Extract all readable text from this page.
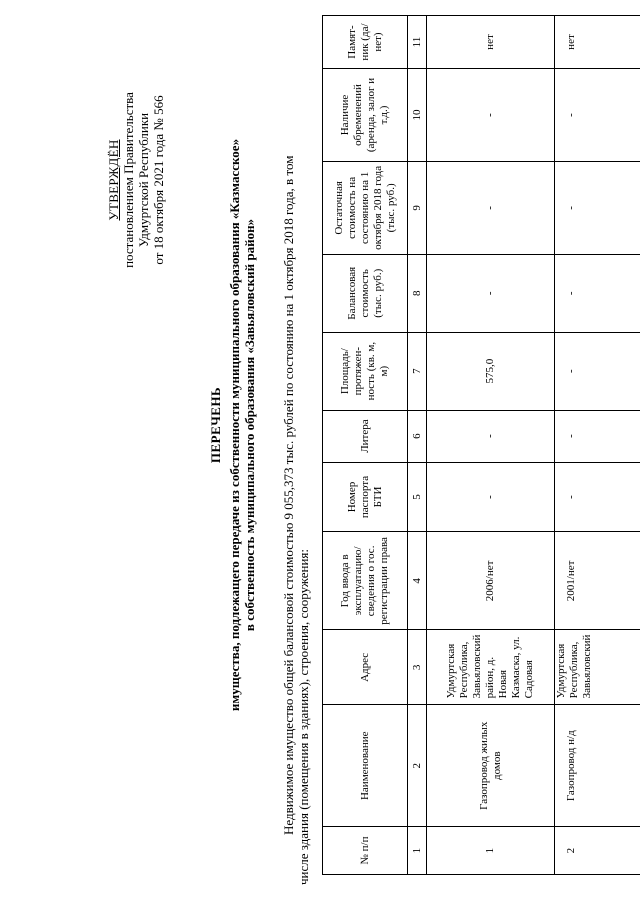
УТВЕРЖДЁН постановлением Правительства Удмуртской Республики от 18 октября 2021 года № 566
ПЕРЕЧЕНЬ имущества, подлежащего передаче из собственности муниципального образования «Казмасское» в собственность муниципального образования «Завьяловский район» Недвижимое имущество общей балансовой стоимостью 9 055,373 тыс. рублей по состоянию на 1 октября 2018 года, в том числе здания (помещения в зданиях), строения, сооружения:	№ п/п	Наименование	Адрес	Год ввода в эксплуатацию/ сведения о гос. регистрации права	Номер паспорта БТИ	Литера	Площадь/ протяжен- ность (кв. м, м)	Балансовая стоимость (тыс. руб.)	Остаточная стоимость на состоянию на 1 октября 2018 года (тыс. руб.)	Наличие обременений (аренда, залог и т.д.)	Памят- ник (да/ нет)
1	2	3	4	5	6	7	8	9	10	11
1	Газопровод жилых домов	Удмуртская Республика, Завьяловский район, д. Новая Казмаска, ул. Садовая	2006/нет	-	-	575,0	-	-	-	нет
2	Газопровод н/д	Удмуртская Республика, Завьяловский	2001/нет	-	-	-	-	-	-	нет
